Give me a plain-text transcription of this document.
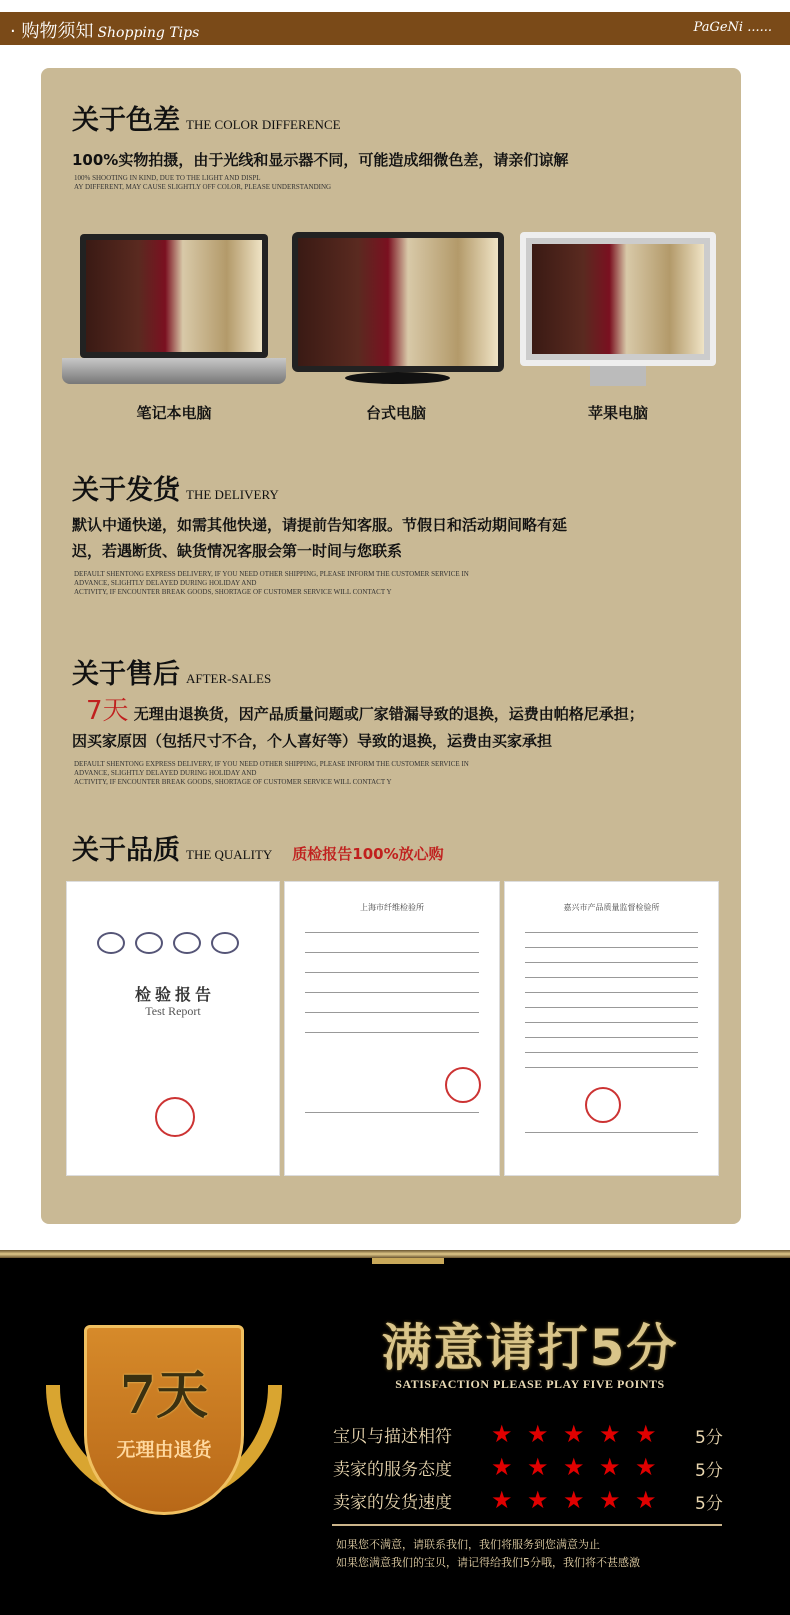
· 购物须知 Shopping Tips	PaGeNi ......
关于色差 THE COLOR DIFFERENCE
100%实物拍摄，由于光线和显示器不同，可能造成细微色差，请亲们谅解
100% SHOOTING IN KIND, DUE TO THE LIGHT AND DISPL
AY DIFFERENT, MAY CAUSE SLIGHTLY OFF COLOR, PLEASE UNDERSTANDING
笔记本电脑	台式电脑	苹果电脑
关于发货 THE DELIVERY
默认中通快递，如需其他快递，请提前告知客服。节假日和活动期间略有延
迟，若遇断货、缺货情况客服会第一时间与您联系
DEFAULT SHENTONG EXPRESS DELIVERY, IF YOU NEED OTHER SHIPPING, PLEASE INFORM THE CUSTOMER SERVICE IN
ADVANCE, SLIGHTLY DELAYED DURING HOLIDAY AND
ACTIVITY, IF ENCOUNTER BREAK GOODS, SHORTAGE OF CUSTOMER SERVICE WILL CONTACT Y
关于售后 AFTER-SALES
7天 无理由退换货，因产品质量问题或厂家错漏导致的退换，运费由帕格尼承担；
因买家原因（包括尺寸不合，个人喜好等）导致的退换，运费由买家承担
DEFAULT SHENTONG EXPRESS DELIVERY, IF YOU NEED OTHER SHIPPING, PLEASE INFORM THE CUSTOMER SERVICE IN
ADVANCE, SLIGHTLY DELAYED DURING HOLIDAY AND
ACTIVITY, IF ENCOUNTER BREAK GOODS, SHORTAGE OF CUSTOMER SERVICE WILL CONTACT Y
关于品质 THE QUALITY 质检报告100%放心购
检 验 报 告
Test Report
上海市纤维检验所	嘉兴市产品质量监督检验所
7天
无理由退货
满意请打5分
SATISFACTION PLEASE PLAY FIVE POINTS
宝贝与描述相符 ★ ★ ★ ★ ★ 5分
卖家的服务态度 ★ ★ ★ ★ ★ 5分
卖家的发货速度 ★ ★ ★ ★ ★ 5分
如果您不满意，请联系我们，我们将服务到您满意为止
如果您满意我们的宝贝，请记得给我们5分哦，我们将不甚感激
